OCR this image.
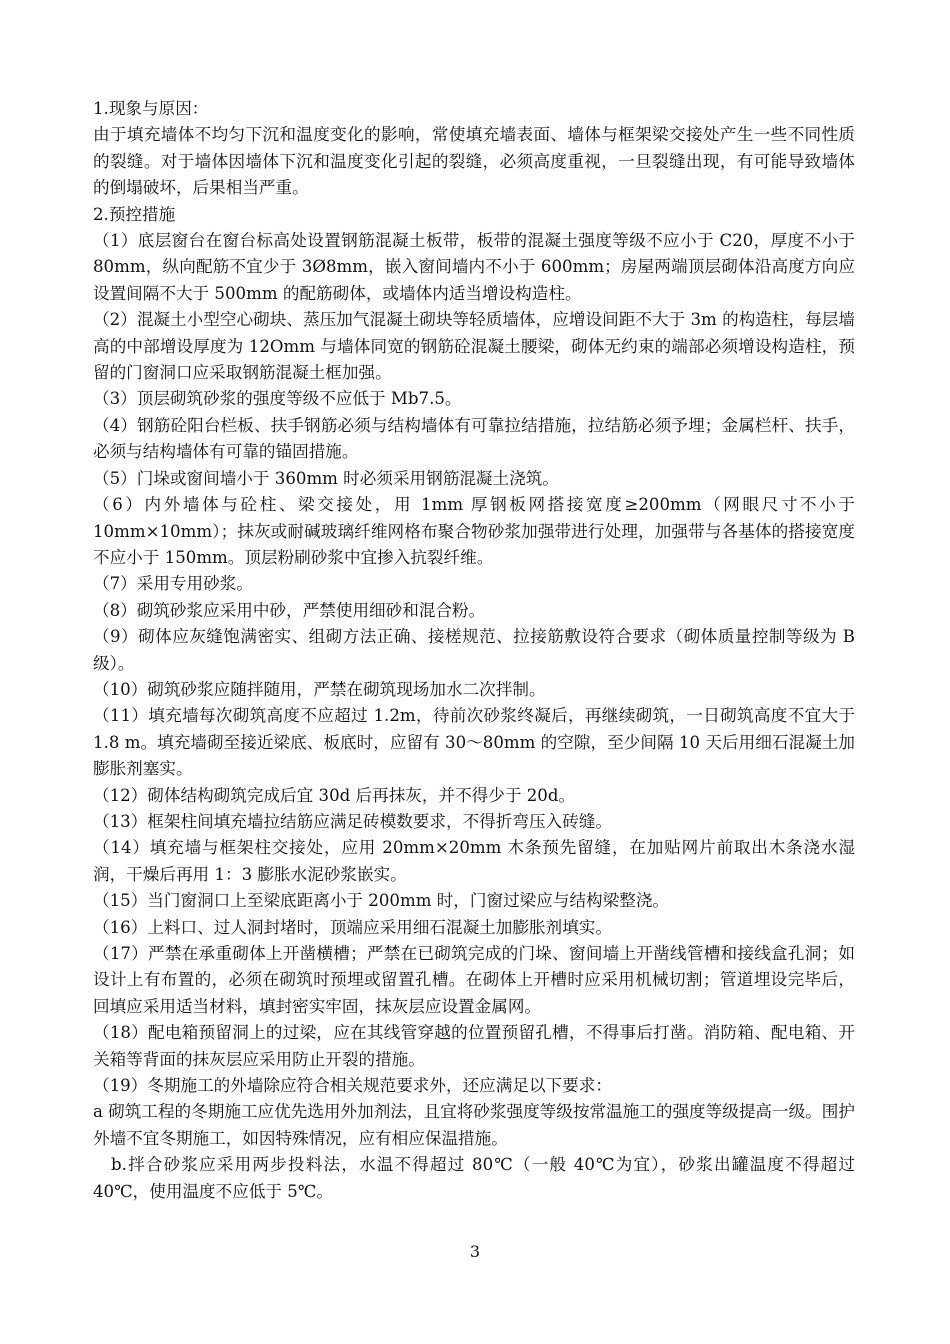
1.现象与原因：

由于填充墙体不均匀下沉和温度变化的影响，常使填充墙表面、墙体与框架梁交接处产生一些不同性质的裂缝。对于墙体因墙体下沉和温度变化引起的裂缝，必须高度重视，一旦裂缝出现，有可能导致墙体的倒塌破坏，后果相当严重。

2.预控措施

（1）底层窗台在窗台标高处设置钢筋混凝土板带，板带的混凝土强度等级不应小于 C20，厚度不小于 80mm，纵向配筋不宜少于 3Ø8mm，嵌入窗间墙内不小于 600mm；房屋两端顶层砌体沿高度方向应设置间隔不大于 500mm 的配筋砌体，或墙体内适当增设构造柱。

（2）混凝土小型空心砌块、蒸压加气混凝土砌块等轻质墙体，应增设间距不大于 3m 的构造柱，每层墙高的中部增设厚度为 12Omm 与墙体同宽的钢筋砼混凝土腰梁，砌体无约束的端部必须增设构造柱，预留的门窗洞口应采取钢筋混凝土框加强。

（3）顶层砌筑砂浆的强度等级不应低于 Mb7.5。

（4）钢筋砼阳台栏板、扶手钢筋必须与结构墙体有可靠拉结措施，拉结筋必须予埋；金属栏杆、扶手，必须与结构墙体有可靠的锚固措施。

（5）门垛或窗间墙小于 360mm 时必须采用钢筋混凝土浇筑。

（6）内外墙体与砼柱、梁交接处，用 1mm 厚钢板网搭接宽度≥200mm（网眼尺寸不小于 10mm×10mm）；抹灰或耐碱玻璃纤维网格布聚合物砂浆加强带进行处理，加强带与各基体的搭接宽度不应小于 150mm。顶层粉刷砂浆中宜掺入抗裂纤维。

（7）采用专用砂浆。

（8）砌筑砂浆应采用中砂，严禁使用细砂和混合粉。

（9）砌体应灰缝饱满密实、组砌方法正确、接槎规范、拉接筋敷设符合要求（砌体质量控制等级为 B 级）。

（10）砌筑砂浆应随拌随用，严禁在砌筑现场加水二次拌制。

（11）填充墙每次砌筑高度不应超过 1.2m，待前次砂浆终凝后，再继续砌筑，一日砌筑高度不宜大于 1.8 m。填充墙砌至接近梁底、板底时，应留有 30～80mm 的空隙，至少间隔 10 天后用细石混凝土加膨胀剂塞实。

（12）砌体结构砌筑完成后宜 30d 后再抹灰，并不得少于 20d。

（13）框架柱间填充墙拉结筋应满足砖模数要求，不得折弯压入砖缝。

（14）填充墙与框架柱交接处，应用 20mm×20mm 木条预先留缝，在加贴网片前取出木条浇水湿润，干燥后再用 1：3 膨胀水泥砂浆嵌实。

（15）当门窗洞口上至梁底距离小于 200mm 时，门窗过梁应与结构梁整浇。

（16）上料口、过人洞封堵时，顶端应采用细石混凝土加膨胀剂填实。

（17）严禁在承重砌体上开凿横槽；严禁在已砌筑完成的门垛、窗间墙上开凿线管槽和接线盒孔洞；如设计上有布置的，必须在砌筑时预埋或留置孔槽。在砌体上开槽时应采用机械切割；管道埋设完毕后，回填应采用适当材料，填封密实牢固，抹灰层应设置金属网。

（18）配电箱预留洞上的过梁，应在其线管穿越的位置预留孔槽，不得事后打凿。消防箱、配电箱、开关箱等背面的抹灰层应采用防止开裂的措施。

（19）冬期施工的外墙除应符合相关规范要求外，还应满足以下要求：

a 砌筑工程的冬期施工应优先选用外加剂法，且宜将砂浆强度等级按常温施工的强度等级提高一级。围护外墙不宜冬期施工，如因特殊情况，应有相应保温措施。

b.拌合砂浆应采用两步投料法，水温不得超过 80℃（一般 40℃为宜），砂浆出罐温度不得超过 40℃，使用温度不应低于 5℃。

3
